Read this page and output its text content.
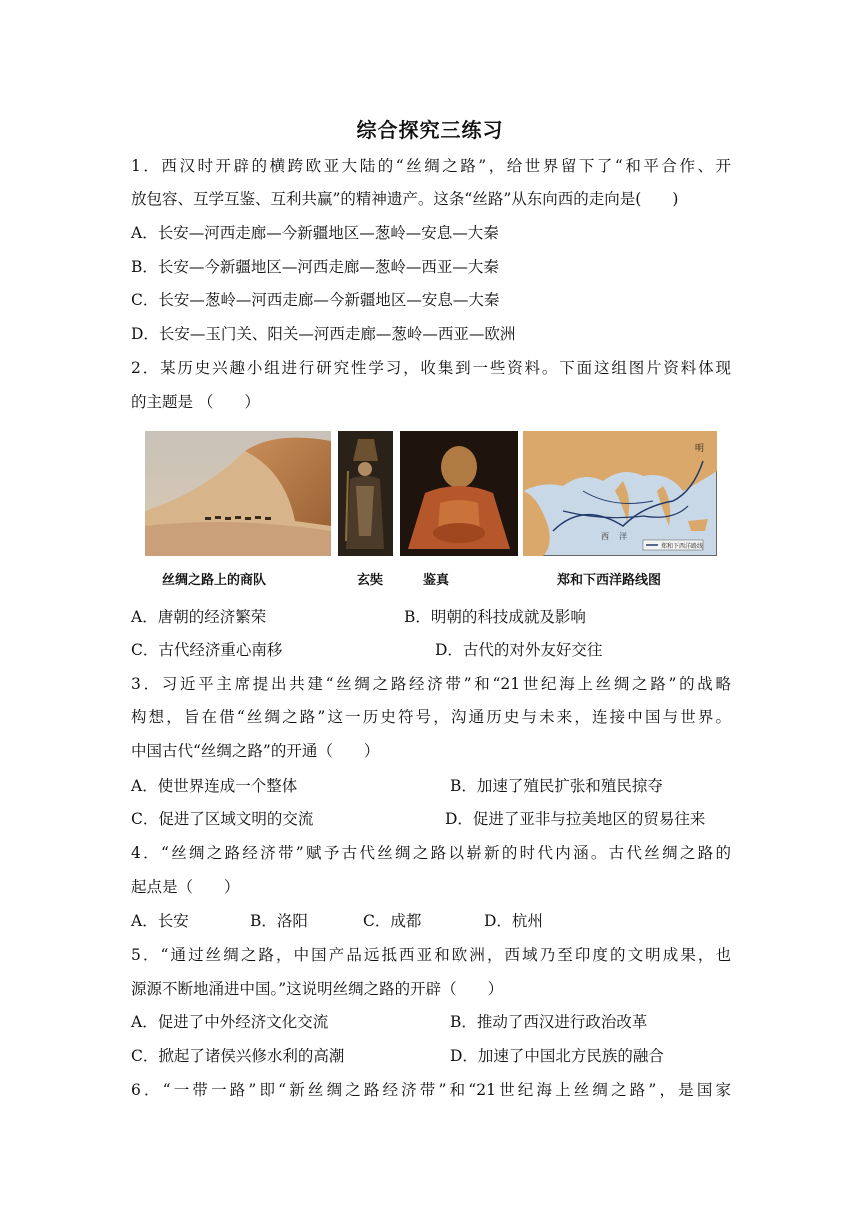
综合探究三练习
1．西汉时开辟的横跨欧亚大陆的“丝绸之路”，给世界留下了“和平合作、开
放包容、互学互鉴、互利共赢”的精神遗产。这条“丝路”从东向西的走向是(　　)
A．长安—河西走廊—今新疆地区—葱岭—安息—大秦
B．长安—今新疆地区—河西走廊—葱岭—西亚—大秦
C．长安—葱岭—河西走廊—今新疆地区—安息—大秦
D．长安—玉门关、阳关—河西走廊—葱岭—西亚—欧洲
2．某历史兴趣小组进行研究性学习，收集到一些资料。下面这组图片资料体现
的主题是 （　　）
明
西 洋
郑和下西洋路线
丝绸之路上的商队	玄奘	鉴真	郑和下西洋路线图
A．唐朝的经济繁荣	B．明朝的科技成就及影响
C．古代经济重心南移	D．古代的对外友好交往
3．习近平主席提出共建“丝绸之路经济带”和“21世纪海上丝绸之路”的战略
构想，旨在借“丝绸之路”这一历史符号，沟通历史与未来，连接中国与世界。
中国古代“丝绸之路”的开通（　　）
A．使世界连成一个整体	B．加速了殖民扩张和殖民掠夺
C．促进了区域文明的交流	D．促进了亚非与拉美地区的贸易往来
4．“丝绸之路经济带”赋予古代丝绸之路以崭新的时代内涵。古代丝绸之路的
起点是（　　）
A．长安	B．洛阳	C．成都	D．杭州
5．“通过丝绸之路，中国产品远抵西亚和欧洲，西域乃至印度的文明成果，也
源源不断地涌进中国。”这说明丝绸之路的开辟（　　）
A．促进了中外经济文化交流	B．推动了西汉进行政治改革
C．掀起了诸侯兴修水利的高潮	D．加速了中国北方民族的融合
6．“一带一路”即“新丝绸之路经济带”和“21世纪海上丝绸之路”，是国家
